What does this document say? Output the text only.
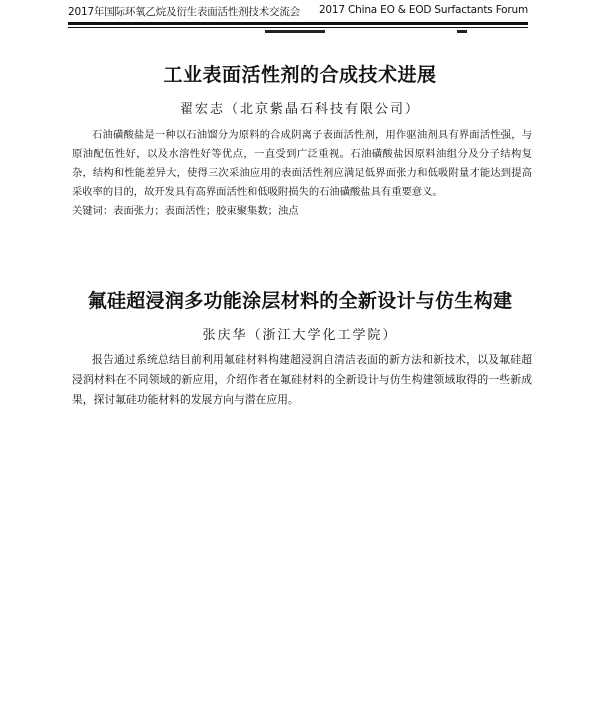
2017年国际环氧乙烷及衍生表面活性剂技术交流会 2017 China EO & EOD Surfactants Forum
工业表面活性剂的合成技术进展
翟宏志（北京紫晶石科技有限公司）
石油磺酸盐是一种以石油馏分为原料的合成阴离子表面活性剂，用作驱油剂具有界面活性强，与原油配伍性好，以及水溶性好等优点，一直受到广泛重视。石油磺酸盐因原料油组分及分子结构复杂，结构和性能差异大，使得三次采油应用的表面活性剂应满足低界面张力和低吸附量才能达到提高采收率的目的，故开发具有高界面活性和低吸附损失的石油磺酸盐具有重要意义。
关键词：表面张力；表面活性；胶束聚集数；浊点
氟硅超浸润多功能涂层材料的全新设计与仿生构建
张庆华（浙江大学化工学院）
报告通过系统总结目前利用氟硅材料构建超浸润自清洁表面的新方法和新技术，以及氟硅超浸润材料在不同领域的新应用，介绍作者在氟硅材料的全新设计与仿生构建领域取得的一些新成果，探讨氟硅功能材料的发展方向与潜在应用。
